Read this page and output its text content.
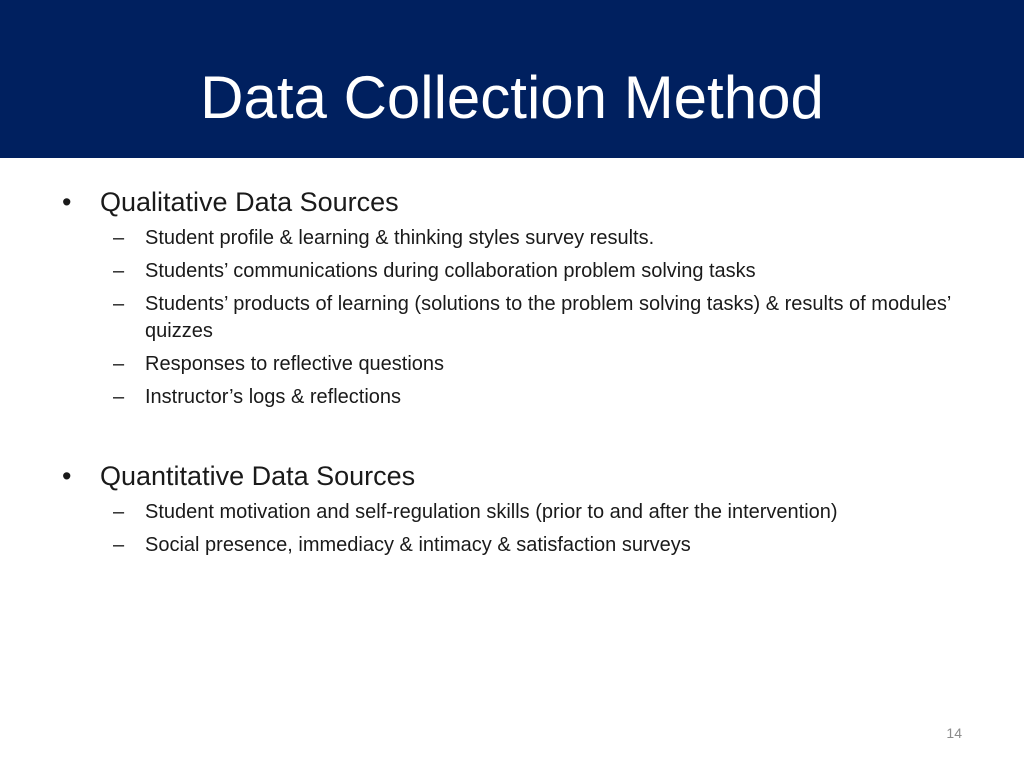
Data Collection Method
• Qualitative Data Sources
– Student profile & learning & thinking styles survey results.
– Students’ communications during collaboration problem solving tasks
– Students’ products of learning (solutions to the problem solving tasks) & results of modules’ quizzes
– Responses to reflective questions
– Instructor’s logs & reflections
• Quantitative Data Sources
– Student motivation and self-regulation skills (prior to and after the intervention)
– Social presence, immediacy & intimacy & satisfaction surveys
14
